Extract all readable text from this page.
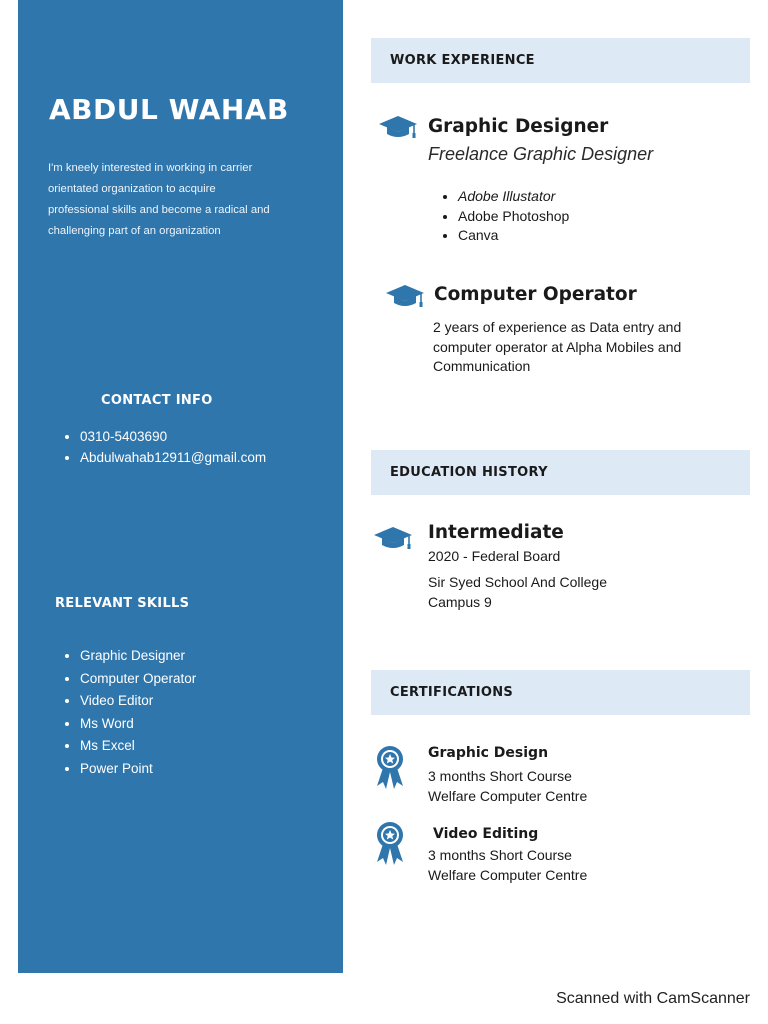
ABDUL WAHAB
I'm kneely interested in working in carrier orientated organization to acquire professional skills and become a radical and challenging part of an organization
CONTACT INFO
• 0310-5403690
• Abdulwahab12911@gmail.com
RELEVANT SKILLS
• Graphic Designer
• Computer Operator
• Video Editor
• Ms Word
• Ms Excel
• Power Point
WORK EXPERIENCE
Graphic Designer
Freelance Graphic Designer
• Adobe Illustator
• Adobe Photoshop
• Canva
Computer Operator
2 years of experience as Data entry and
computer operator at Alpha Mobiles and
Communication
EDUCATION HISTORY
Intermediate
2020 - Federal Board
Sir Syed School And College
Campus 9
CERTIFICATIONS
Graphic Design
3 months Short Course
Welfare Computer Centre
Video Editing
3 months Short Course
Welfare Computer Centre
Scanned with CamScanner
